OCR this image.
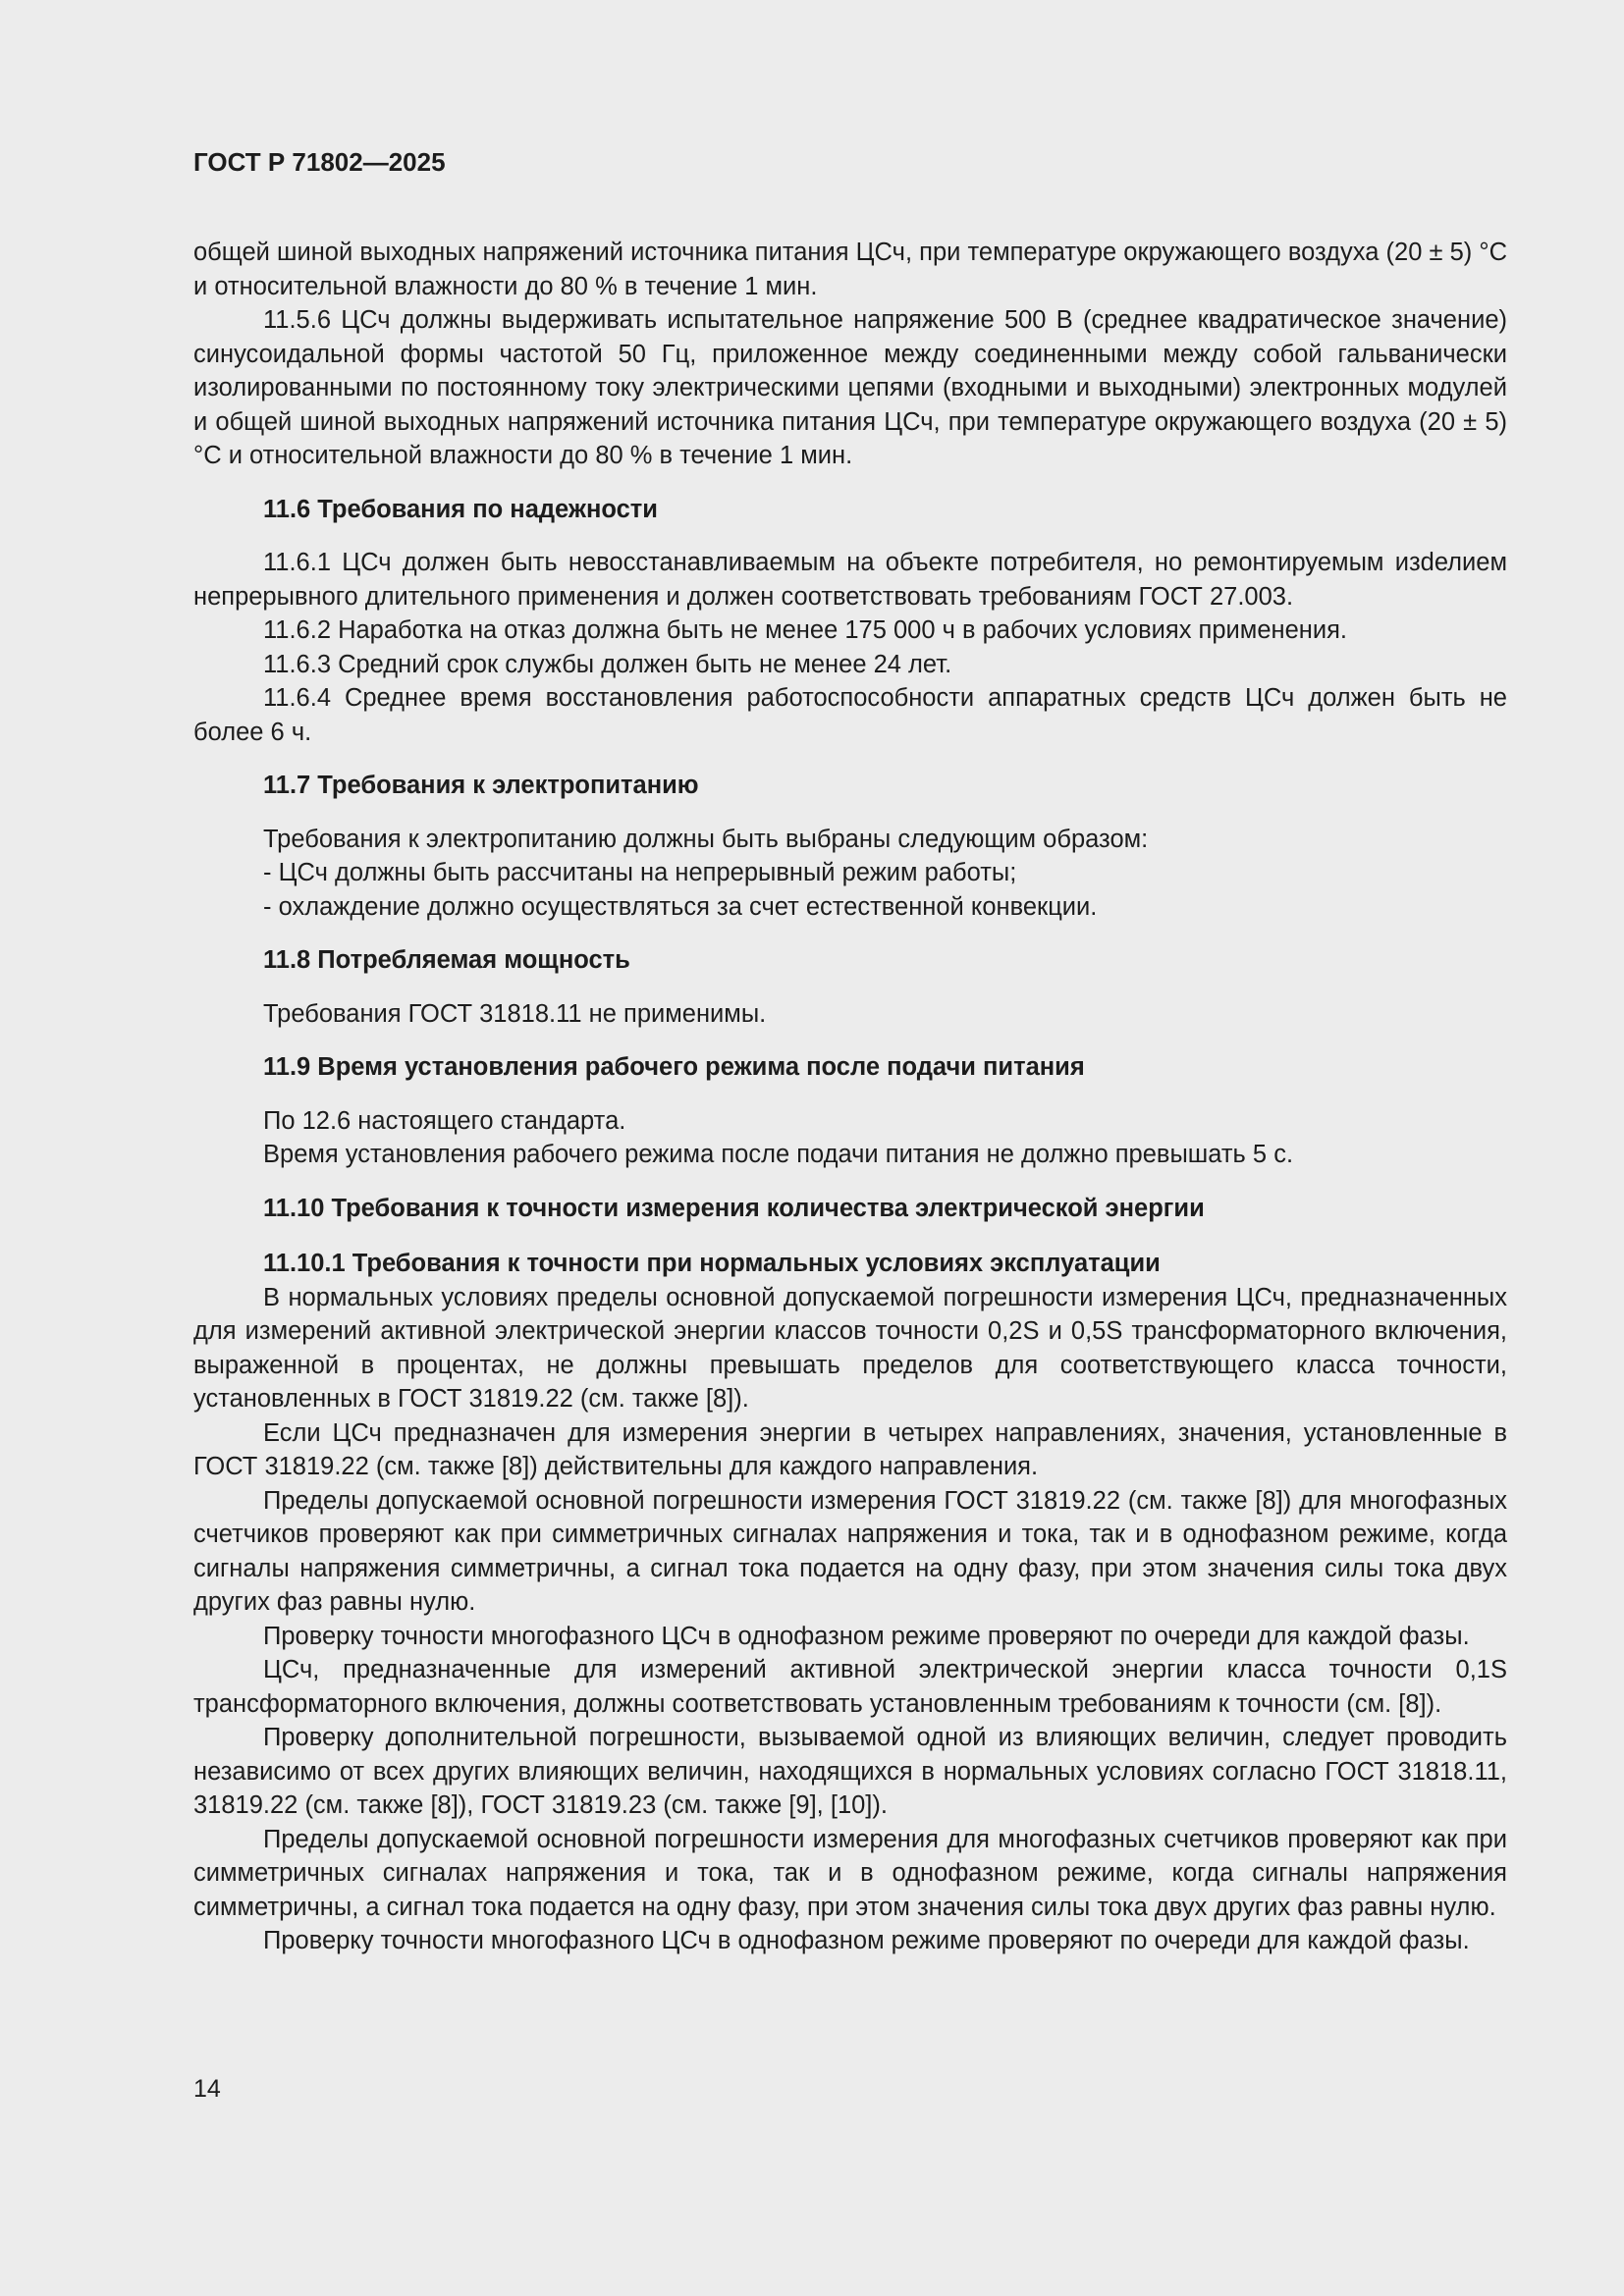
ГОСТ Р 71802—2025

общей шиной выходных напряжений источника питания ЦСч, при температуре окружающего воздуха (20 ± 5) °С и относительной влажности до 80 % в течение 1 мин.

11.5.6 ЦСч должны выдерживать испытательное напряжение 500 В (среднее квадратическое значение) синусоидальной формы частотой 50 Гц, приложенное между соединенными между собой гальванически изолированными по постоянному току электрическими цепями (входными и выходными) электронных модулей и общей шиной выходных напряжений источника питания ЦСч, при температуре окружающего воздуха (20 ± 5) °С и относительной влажности до 80 % в течение 1 мин.

11.6 Требования по надежности

11.6.1 ЦСч должен быть невосстанавливаемым на объекте потребителя, но ремонтируемым изdелием непрерывного длительного применения и должен соответствовать требованиям ГОСТ 27.003.

11.6.2 Наработка на отказ должна быть не менее 175 000 ч в рабочих условиях применения.

11.6.3 Средний срок службы должен быть не менее 24 лет.

11.6.4 Среднее время восстановления работоспособности аппаратных средств ЦСч должен быть не более 6 ч.

11.7 Требования к электропитанию

Требования к электропитанию должны быть выбраны следующим образом:

- ЦСч должны быть рассчитаны на непрерывный режим работы;

- охлаждение должно осуществляться за счет естественной конвекции.

11.8 Потребляемая мощность

Требования ГОСТ 31818.11 не применимы.

11.9 Время установления рабочего режима после подачи питания

По 12.6 настоящего стандарта.

Время установления рабочего режима после подачи питания не должно превышать 5 с.

11.10 Требования к точности измерения количества электрической энергии
11.10.1 Требования к точности при нормальных условиях эксплуатации

В нормальных условиях пределы основной допускаемой погрешности измерения ЦСч, предназначенных для измерений активной электрической энергии классов точности 0,2S и 0,5S трансформаторного включения, выраженной в процентах, не должны превышать пределов для соответствующего класса точности, установленных в ГОСТ 31819.22 (см. также [8]).

Если ЦСч предназначен для измерения энергии в четырех направлениях, значения, установленные в ГОСТ 31819.22 (см. также [8]) действительны для каждого направления.

Пределы допускаемой основной погрешности измерения ГОСТ 31819.22 (см. также [8]) для многофазных счетчиков проверяют как при симметричных сигналах напряжения и тока, так и в однофазном режиме, когда сигналы напряжения симметричны, а сигнал тока подается на одну фазу, при этом значения силы тока двух других фаз равны нулю.

Проверку точности многофазного ЦСч в однофазном режиме проверяют по очереди для каждой фазы.

ЦСч, предназначенные для измерений активной электрической энергии класса точности 0,1S трансформаторного включения, должны соответствовать установленным требованиям к точности (см. [8]).

Проверку дополнительной погрешности, вызываемой одной из влияющих величин, следует проводить независимо от всех других влияющих величин, находящихся в нормальных условиях согласно ГОСТ 31818.11, 31819.22 (см. также [8]), ГОСТ 31819.23 (см. также [9], [10]).

Пределы допускаемой основной погрешности измерения для многофазных счетчиков проверяют как при симметричных сигналах напряжения и тока, так и в однофазном режиме, когда сигналы напряжения симметричны, а сигнал тока подается на одну фазу, при этом значения силы тока двух других фаз равны нулю.

Проверку точности многофазного ЦСч в однофазном режиме проверяют по очереди для каждой фазы.

14
